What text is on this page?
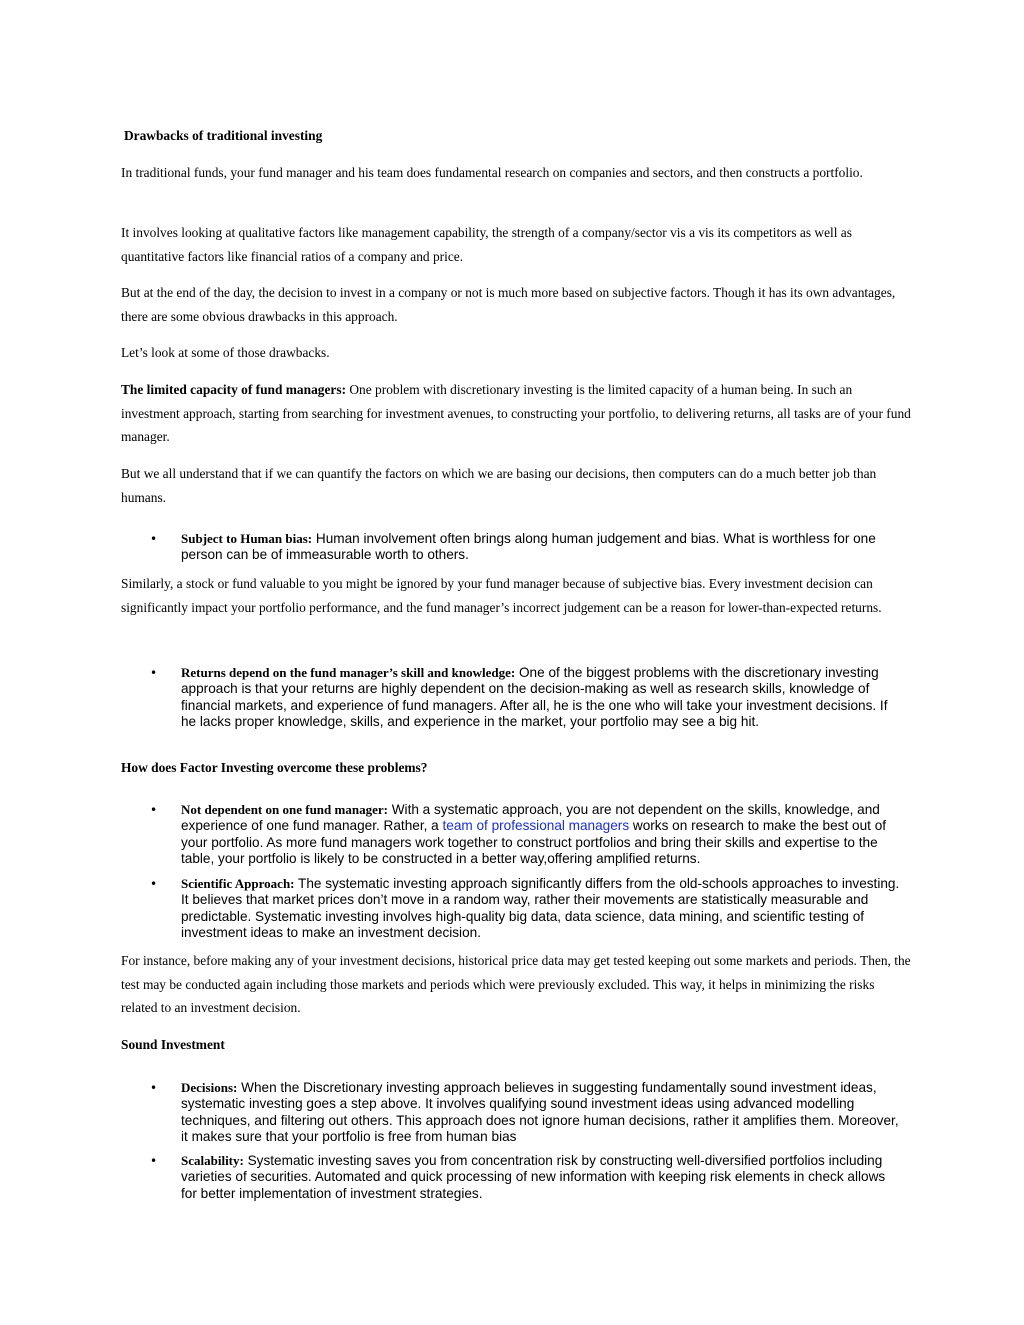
Drawbacks of traditional investing

In traditional funds, your fund manager and his team does fundamental research on companies and sectors, and then constructs a portfolio.

It involves looking at qualitative factors like management capability, the strength of a company/sector vis a vis its competitors as well as quantitative factors like financial ratios of a company and price.

But at the end of the day, the decision to invest in a company or not is much more based on subjective factors. Though it has its own advantages, there are some obvious drawbacks in this approach.

Let’s look at some of those drawbacks.

The limited capacity of fund managers: One problem with discretionary investing is the limited capacity of a human being. In such an investment approach, starting from searching for investment avenues, to constructing your portfolio, to delivering returns, all tasks are of your fund manager.

But we all understand that if we can quantify the factors on which we are basing our decisions, then computers can do a much better job than humans.

• Subject to Human bias: Human involvement often brings along human judgement and bias. What is worthless for one person can be of immeasurable worth to others.

Similarly, a stock or fund valuable to you might be ignored by your fund manager because of subjective bias. Every investment decision can significantly impact your portfolio performance, and the fund manager’s incorrect judgement can be a reason for lower-than-expected returns.

• Returns depend on the fund manager’s skill and knowledge: One of the biggest problems with the discretionary investing approach is that your returns are highly dependent on the decision-making as well as research skills, knowledge of financial markets, and experience of fund managers. After all, he is the one who will take your investment decisions. If he lacks proper knowledge, skills, and experience in the market, your portfolio may see a big hit.

How does Factor Investing overcome these problems?

• Not dependent on one fund manager: With a systematic approach, you are not dependent on the skills, knowledge, and experience of one fund manager. Rather, a team of professional managers works on research to make the best out of your portfolio. As more fund managers work together to construct portfolios and bring their skills and expertise to the table, your portfolio is likely to be constructed in a better way,offering amplified returns.
• Scientific Approach: The systematic investing approach significantly differs from the old-schools approaches to investing. It believes that market prices don’t move in a random way, rather their movements are statistically measurable and predictable. Systematic investing involves high-quality big data, data science, data mining, and scientific testing of investment ideas to make an investment decision.

For instance, before making any of your investment decisions, historical price data may get tested keeping out some markets and periods. Then, the test may be conducted again including those markets and periods which were previously excluded. This way, it helps in minimizing the risks related to an investment decision.

Sound Investment

• Decisions: When the Discretionary investing approach believes in suggesting fundamentally sound investment ideas, systematic investing goes a step above. It involves qualifying sound investment ideas using advanced modelling techniques, and filtering out others. This approach does not ignore human decisions, rather it amplifies them. Moreover, it makes sure that your portfolio is free from human bias
• Scalability: Systematic investing saves you from concentration risk by constructing well-diversified portfolios including varieties of securities. Automated and quick processing of new information with keeping risk elements in check allows for better implementation of investment strategies.
